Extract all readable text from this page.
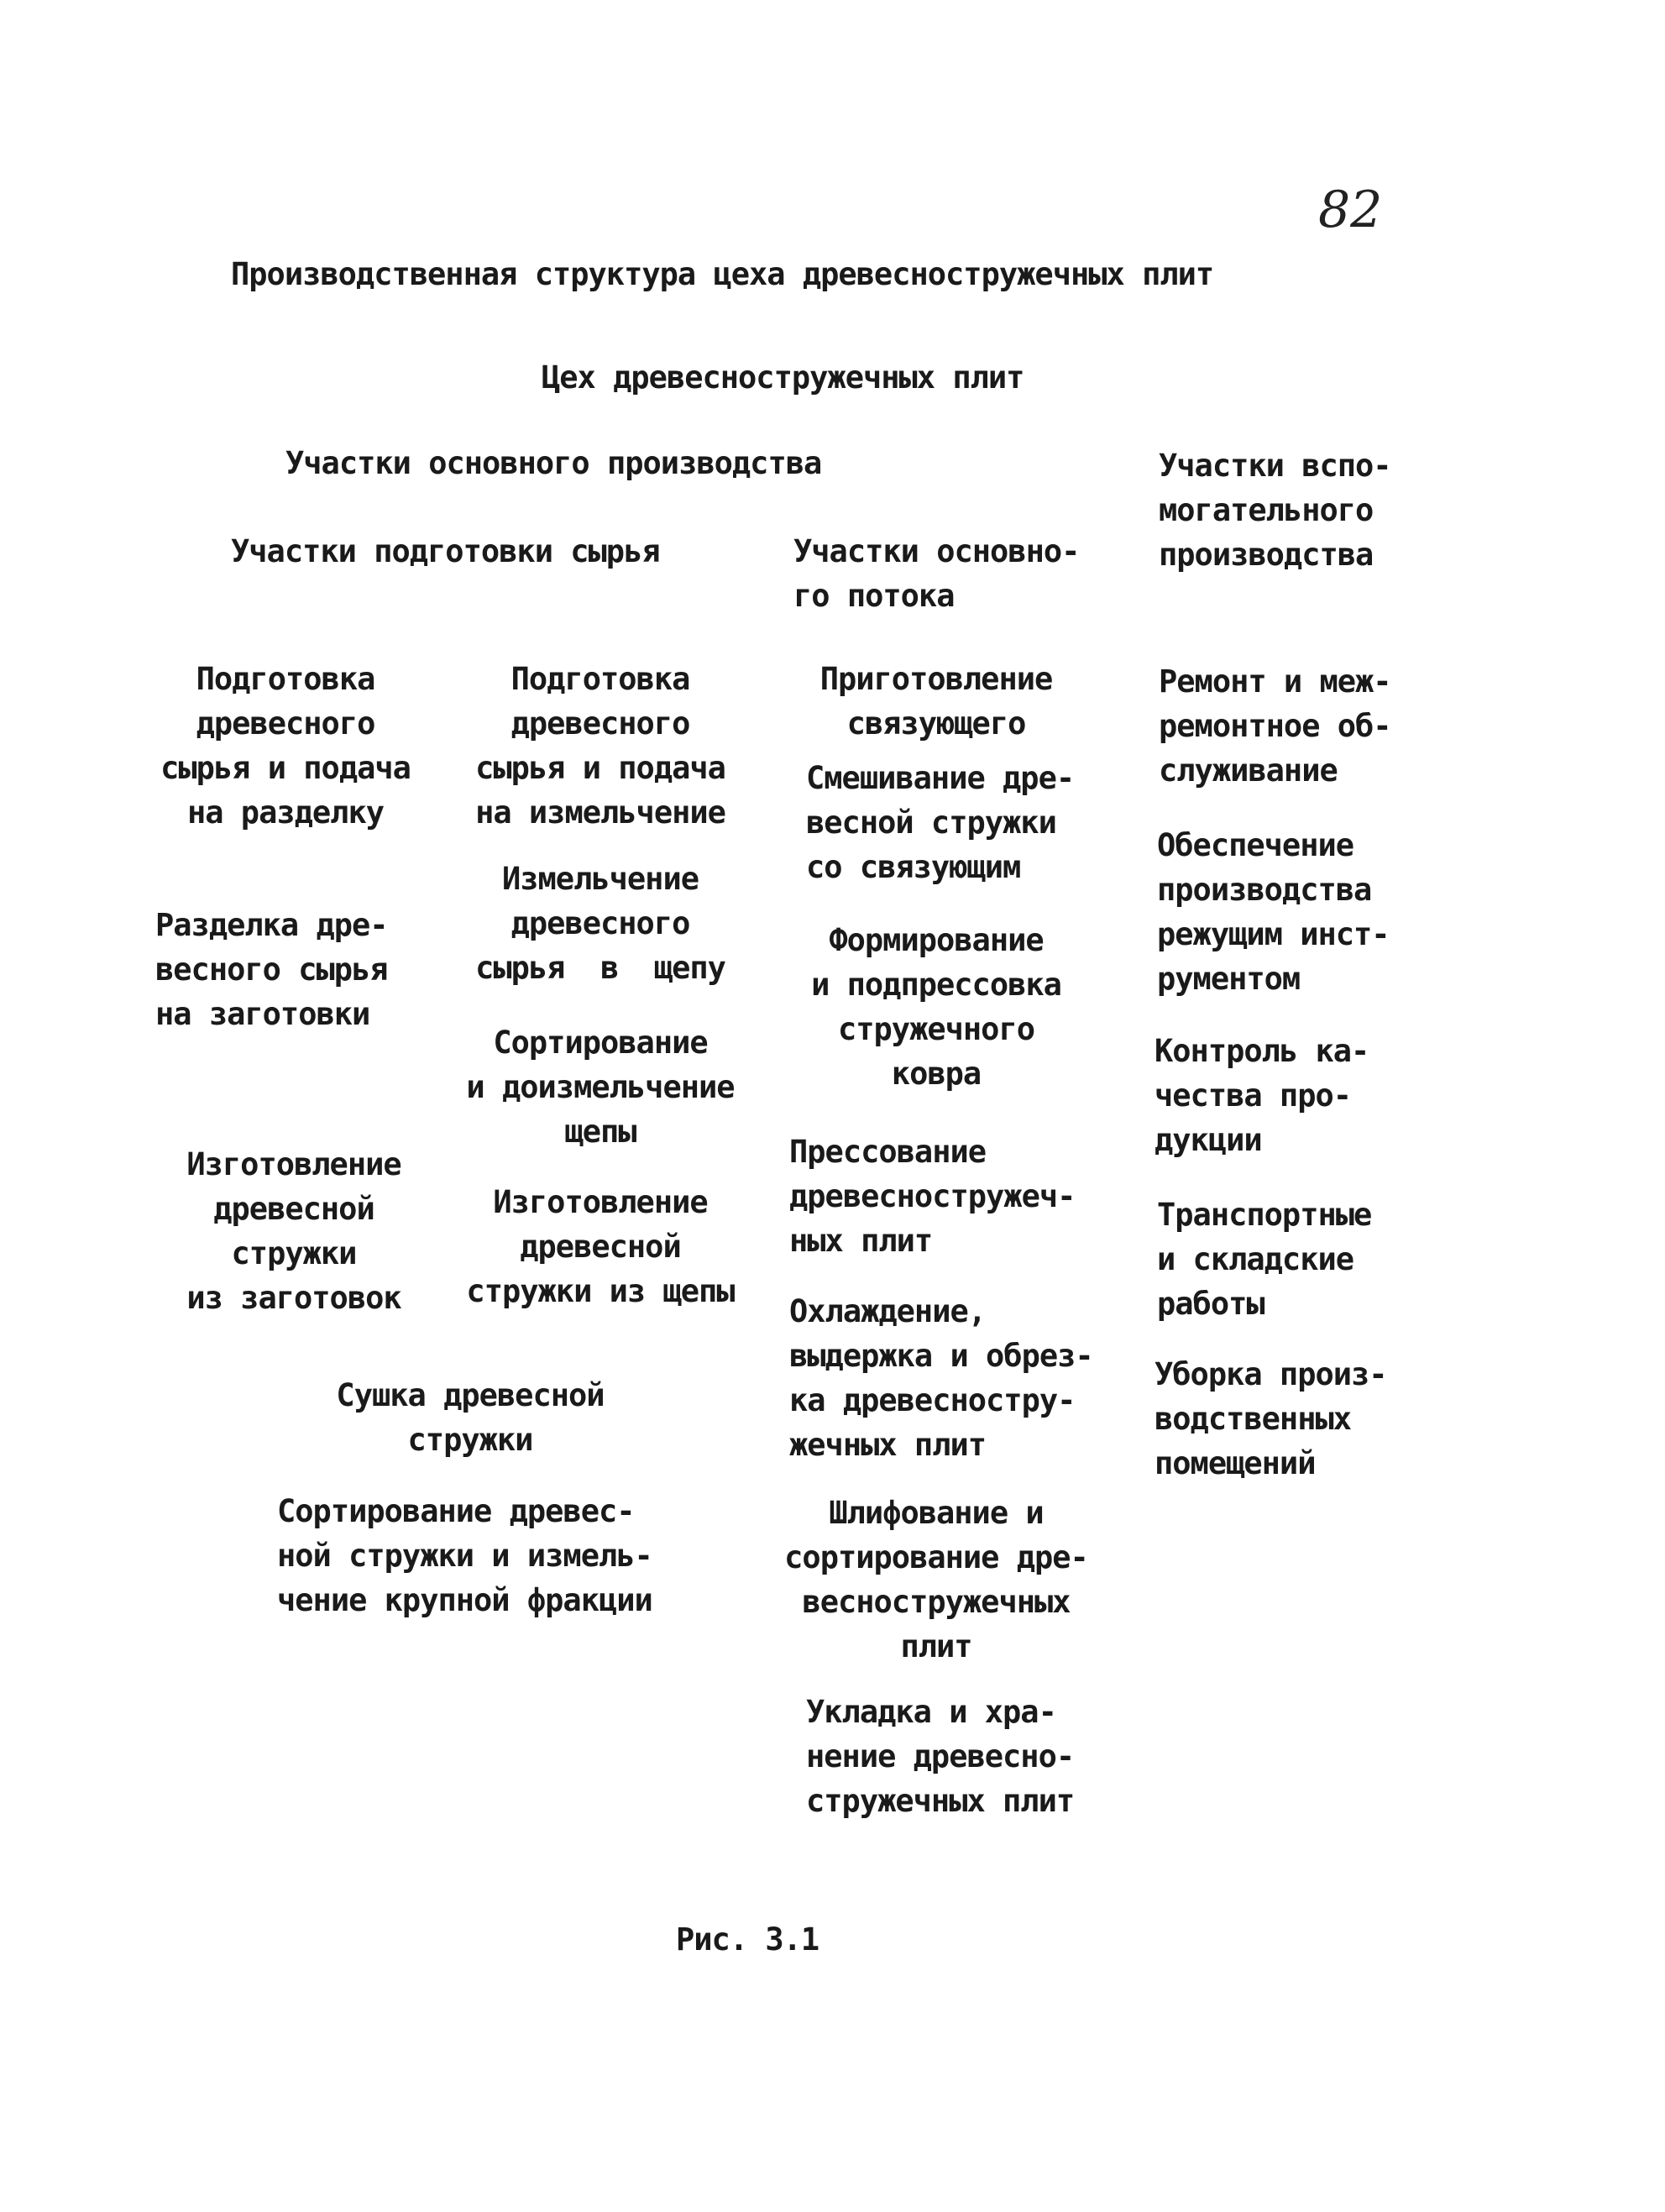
82
Производственная структура цеха древесностружечных плит
Цех древесностружечных плит
Участки основного производства	Участки вспо-
могательного
производства
Участки подготовки сырья	Участки основно-
го потока
Подготовка
древесного
сырья и подача
на разделку
Разделка дре-
весного сырья
на заготовки
Изготовление
древесной
стружки
из заготовок
Подготовка
древесного
сырья и подача
на измельчение
Измельчение
древесного
сырья  в  щепу
Сортирование
и доизмельчение
щепы
Изготовление
древесной
стружки из щепы
Сушка древесной
стружки
Сортирование древес-
ной стружки и измель-
чение крупной фракции
Приготовление
связующего
Смешивание дре-
весной стружки
со связующим
Формирование
и подпрессовка
стружечного
ковра
Прессование
древесностружеч-
ных плит
Охлаждение,
выдержка и обрез-
ка древесностру-
жечных плит
Шлифование и
сортирование дре-
весностружечных
плит
Укладка и хра-
нение древесно-
стружечных плит
Ремонт и меж-
ремонтное об-
служивание
Обеспечение
производства
режущим инст-
рументом
Контроль ка-
чества про-
дукции
Транспортные
и складские
работы
Уборка произ-
водственных
помещений
Рис. 3.1
